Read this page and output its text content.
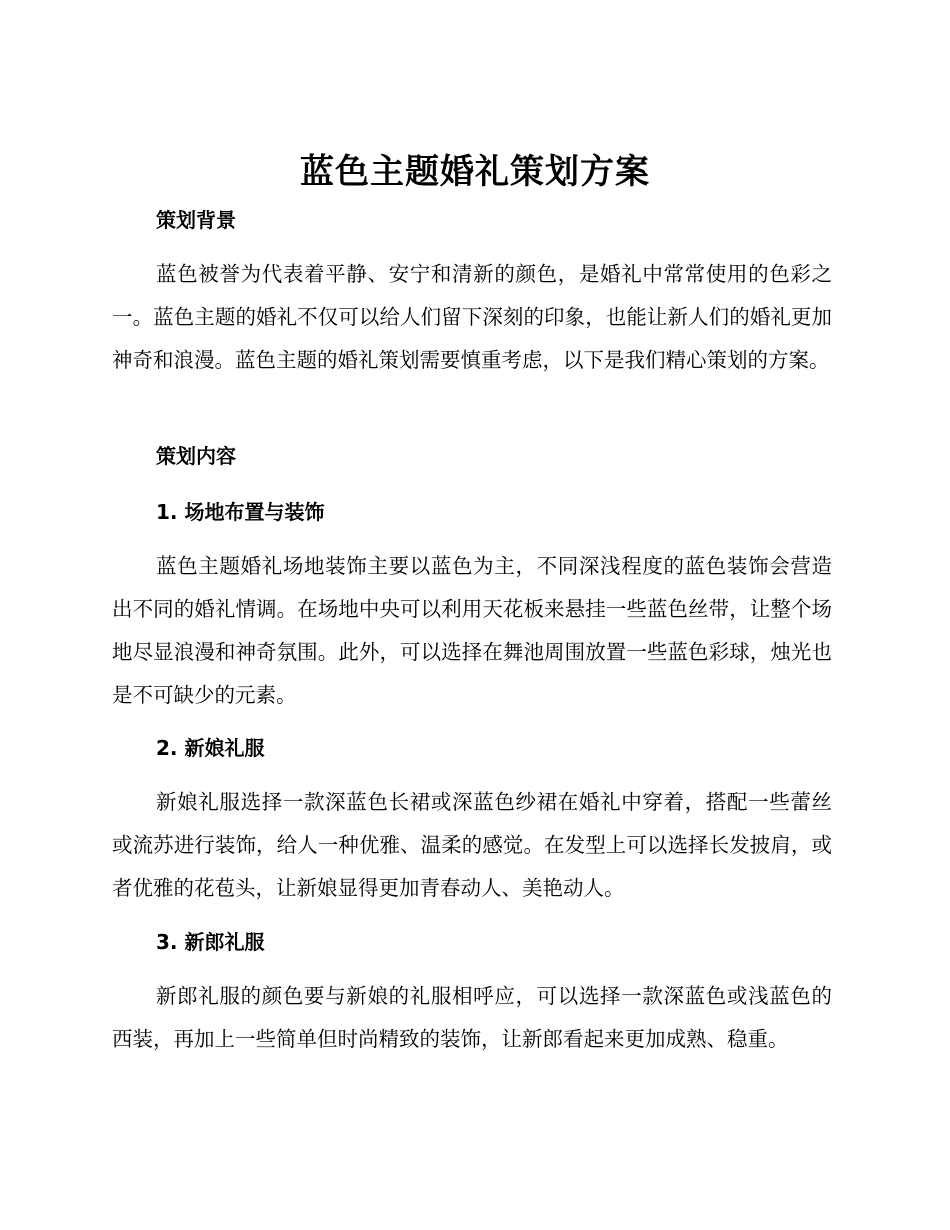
蓝色主题婚礼策划方案
策划背景
蓝色被誉为代表着平静、安宁和清新的颜色，是婚礼中常常使用的色彩之一。蓝色主题的婚礼不仅可以给人们留下深刻的印象，也能让新人们的婚礼更加神奇和浪漫。蓝色主题的婚礼策划需要慎重考虑，以下是我们精心策划的方案。
策划内容
1. 场地布置与装饰
蓝色主题婚礼场地装饰主要以蓝色为主，不同深浅程度的蓝色装饰会营造出不同的婚礼情调。在场地中央可以利用天花板来悬挂一些蓝色丝带，让整个场地尽显浪漫和神奇氛围。此外，可以选择在舞池周围放置一些蓝色彩球，烛光也是不可缺少的元素。
2. 新娘礼服
新娘礼服选择一款深蓝色长裙或深蓝色纱裙在婚礼中穿着，搭配一些蕾丝或流苏进行装饰，给人一种优雅、温柔的感觉。在发型上可以选择长发披肩，或者优雅的花苞头，让新娘显得更加青春动人、美艳动人。
3. 新郎礼服
新郎礼服的颜色要与新娘的礼服相呼应，可以选择一款深蓝色或浅蓝色的西装，再加上一些简单但时尚精致的装饰，让新郎看起来更加成熟、稳重。
